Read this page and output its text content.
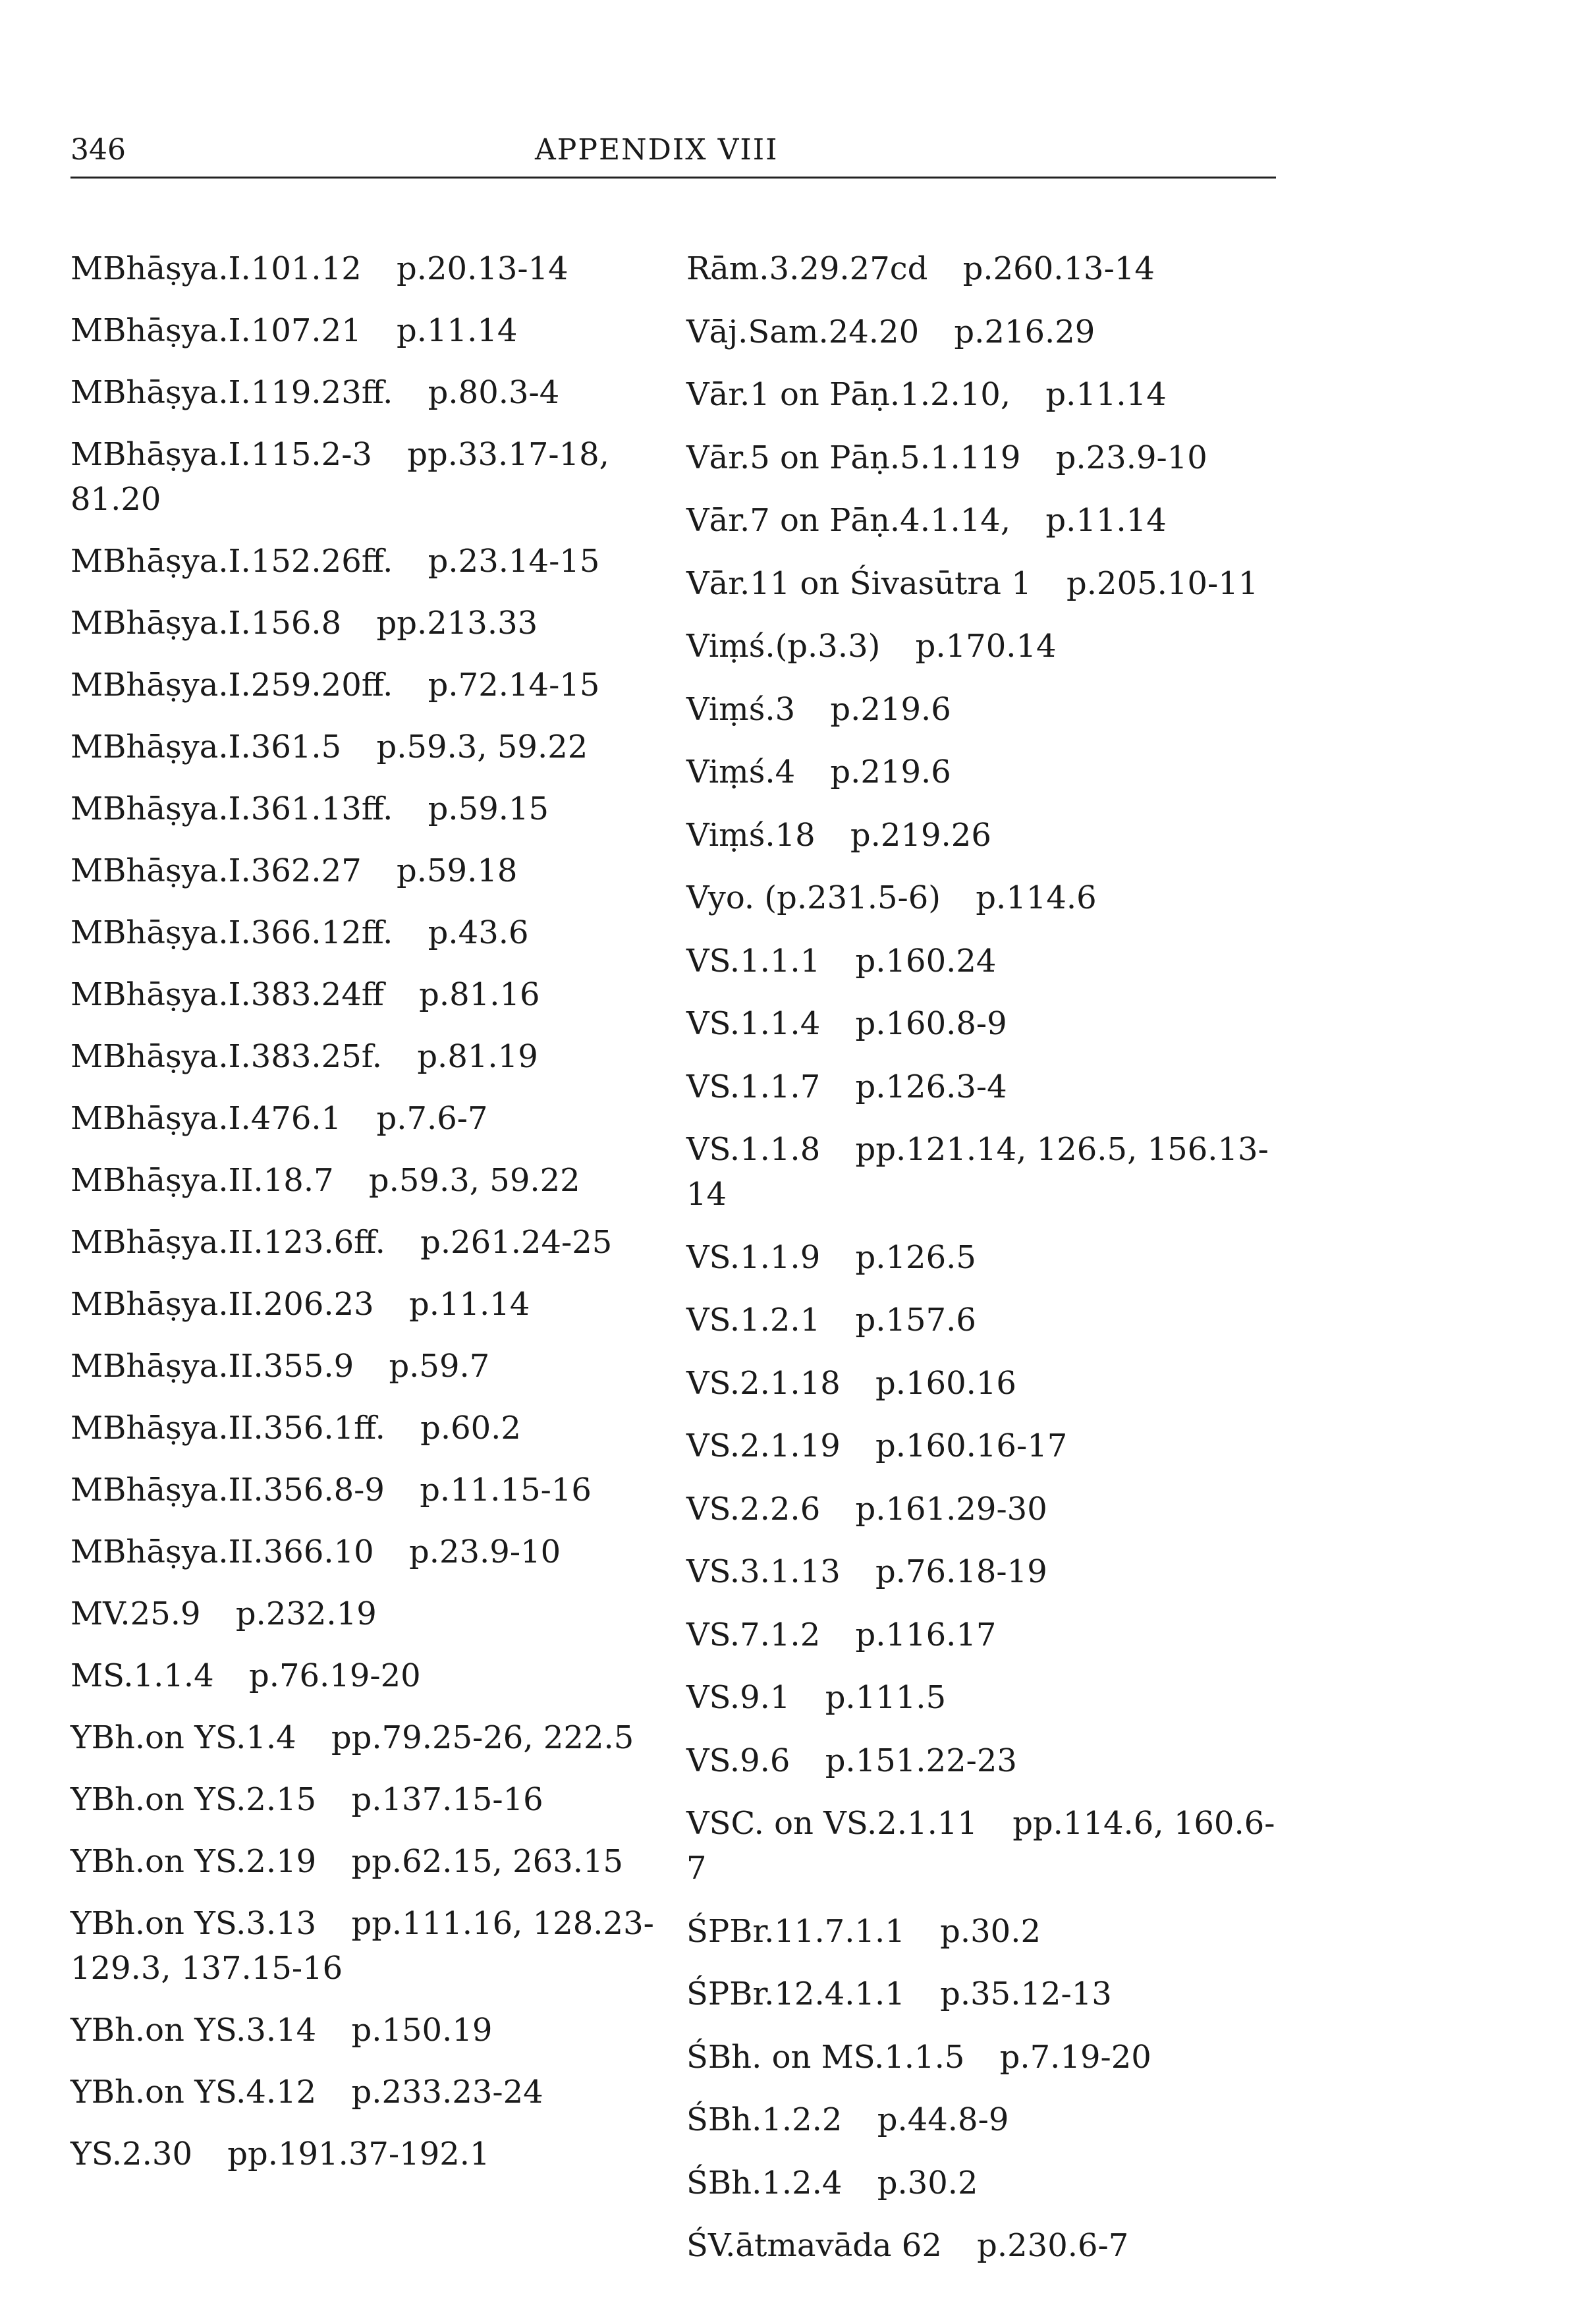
346	APPENDIX VIII
MBhāṣya.I.101.12 p.20.13-14
MBhāṣya.I.107.21 p.11.14
MBhāṣya.I.119.23ff. p.80.3-4
MBhāṣya.I.115.2-3 pp.33.17-18, 81.20
MBhāṣya.I.152.26ff. p.23.14-15
MBhāṣya.I.156.8 pp.213.33
MBhāṣya.I.259.20ff. p.72.14-15
MBhāṣya.I.361.5 p.59.3, 59.22
MBhāṣya.I.361.13ff. p.59.15
MBhāṣya.I.362.27 p.59.18
MBhāṣya.I.366.12ff. p.43.6
MBhāṣya.I.383.24ff p.81.16
MBhāṣya.I.383.25f. p.81.19
MBhāṣya.I.476.1 p.7.6-7
MBhāṣya.II.18.7 p.59.3, 59.22
MBhāṣya.II.123.6ff. p.261.24-25
MBhāṣya.II.206.23 p.11.14
MBhāṣya.II.355.9 p.59.7
MBhāṣya.II.356.1ff. p.60.2
MBhāṣya.II.356.8-9 p.11.15-16
MBhāṣya.II.366.10 p.23.9-10
MV.25.9 p.232.19
MS.1.1.4 p.76.19-20
YBh.on YS.1.4 pp.79.25-26, 222.5
YBh.on YS.2.15 p.137.15-16
YBh.on YS.2.19 pp.62.15, 263.15
YBh.on YS.3.13 pp.111.16, 128.23-129.3, 137.15-16
YBh.on YS.3.14 p.150.19
YBh.on YS.4.12 p.233.23-24
YS.2.30 pp.191.37-192.1
Rām.3.29.27cd p.260.13-14
Vāj.Sam.24.20 p.216.29
Vār.1 on Pāṇ.1.2.10, p.11.14
Vār.5 on Pāṇ.5.1.119 p.23.9-10
Vār.7 on Pāṇ.4.1.14, p.11.14
Vār.11 on Śivasūtra 1 p.205.10-11
Viṃś.(p.3.3) p.170.14
Viṃś.3 p.219.6
Viṃś.4 p.219.6
Viṃś.18 p.219.26
Vyo. (p.231.5-6) p.114.6
VS.1.1.1 p.160.24
VS.1.1.4 p.160.8-9
VS.1.1.7 p.126.3-4
VS.1.1.8 pp.121.14, 126.5, 156.13-14
VS.1.1.9 p.126.5
VS.1.2.1 p.157.6
VS.2.1.18 p.160.16
VS.2.1.19 p.160.16-17
VS.2.2.6 p.161.29-30
VS.3.1.13 p.76.18-19
VS.7.1.2 p.116.17
VS.9.1 p.111.5
VS.9.6 p.151.22-23
VSC. on VS.2.1.11 pp.114.6, 160.6-7
ŚPBr.11.7.1.1 p.30.2
ŚPBr.12.4.1.1 p.35.12-13
ŚBh. on MS.1.1.5 p.7.19-20
ŚBh.1.2.2 p.44.8-9
ŚBh.1.2.4 p.30.2
ŚV.ātmavāda 62 p.230.6-7
